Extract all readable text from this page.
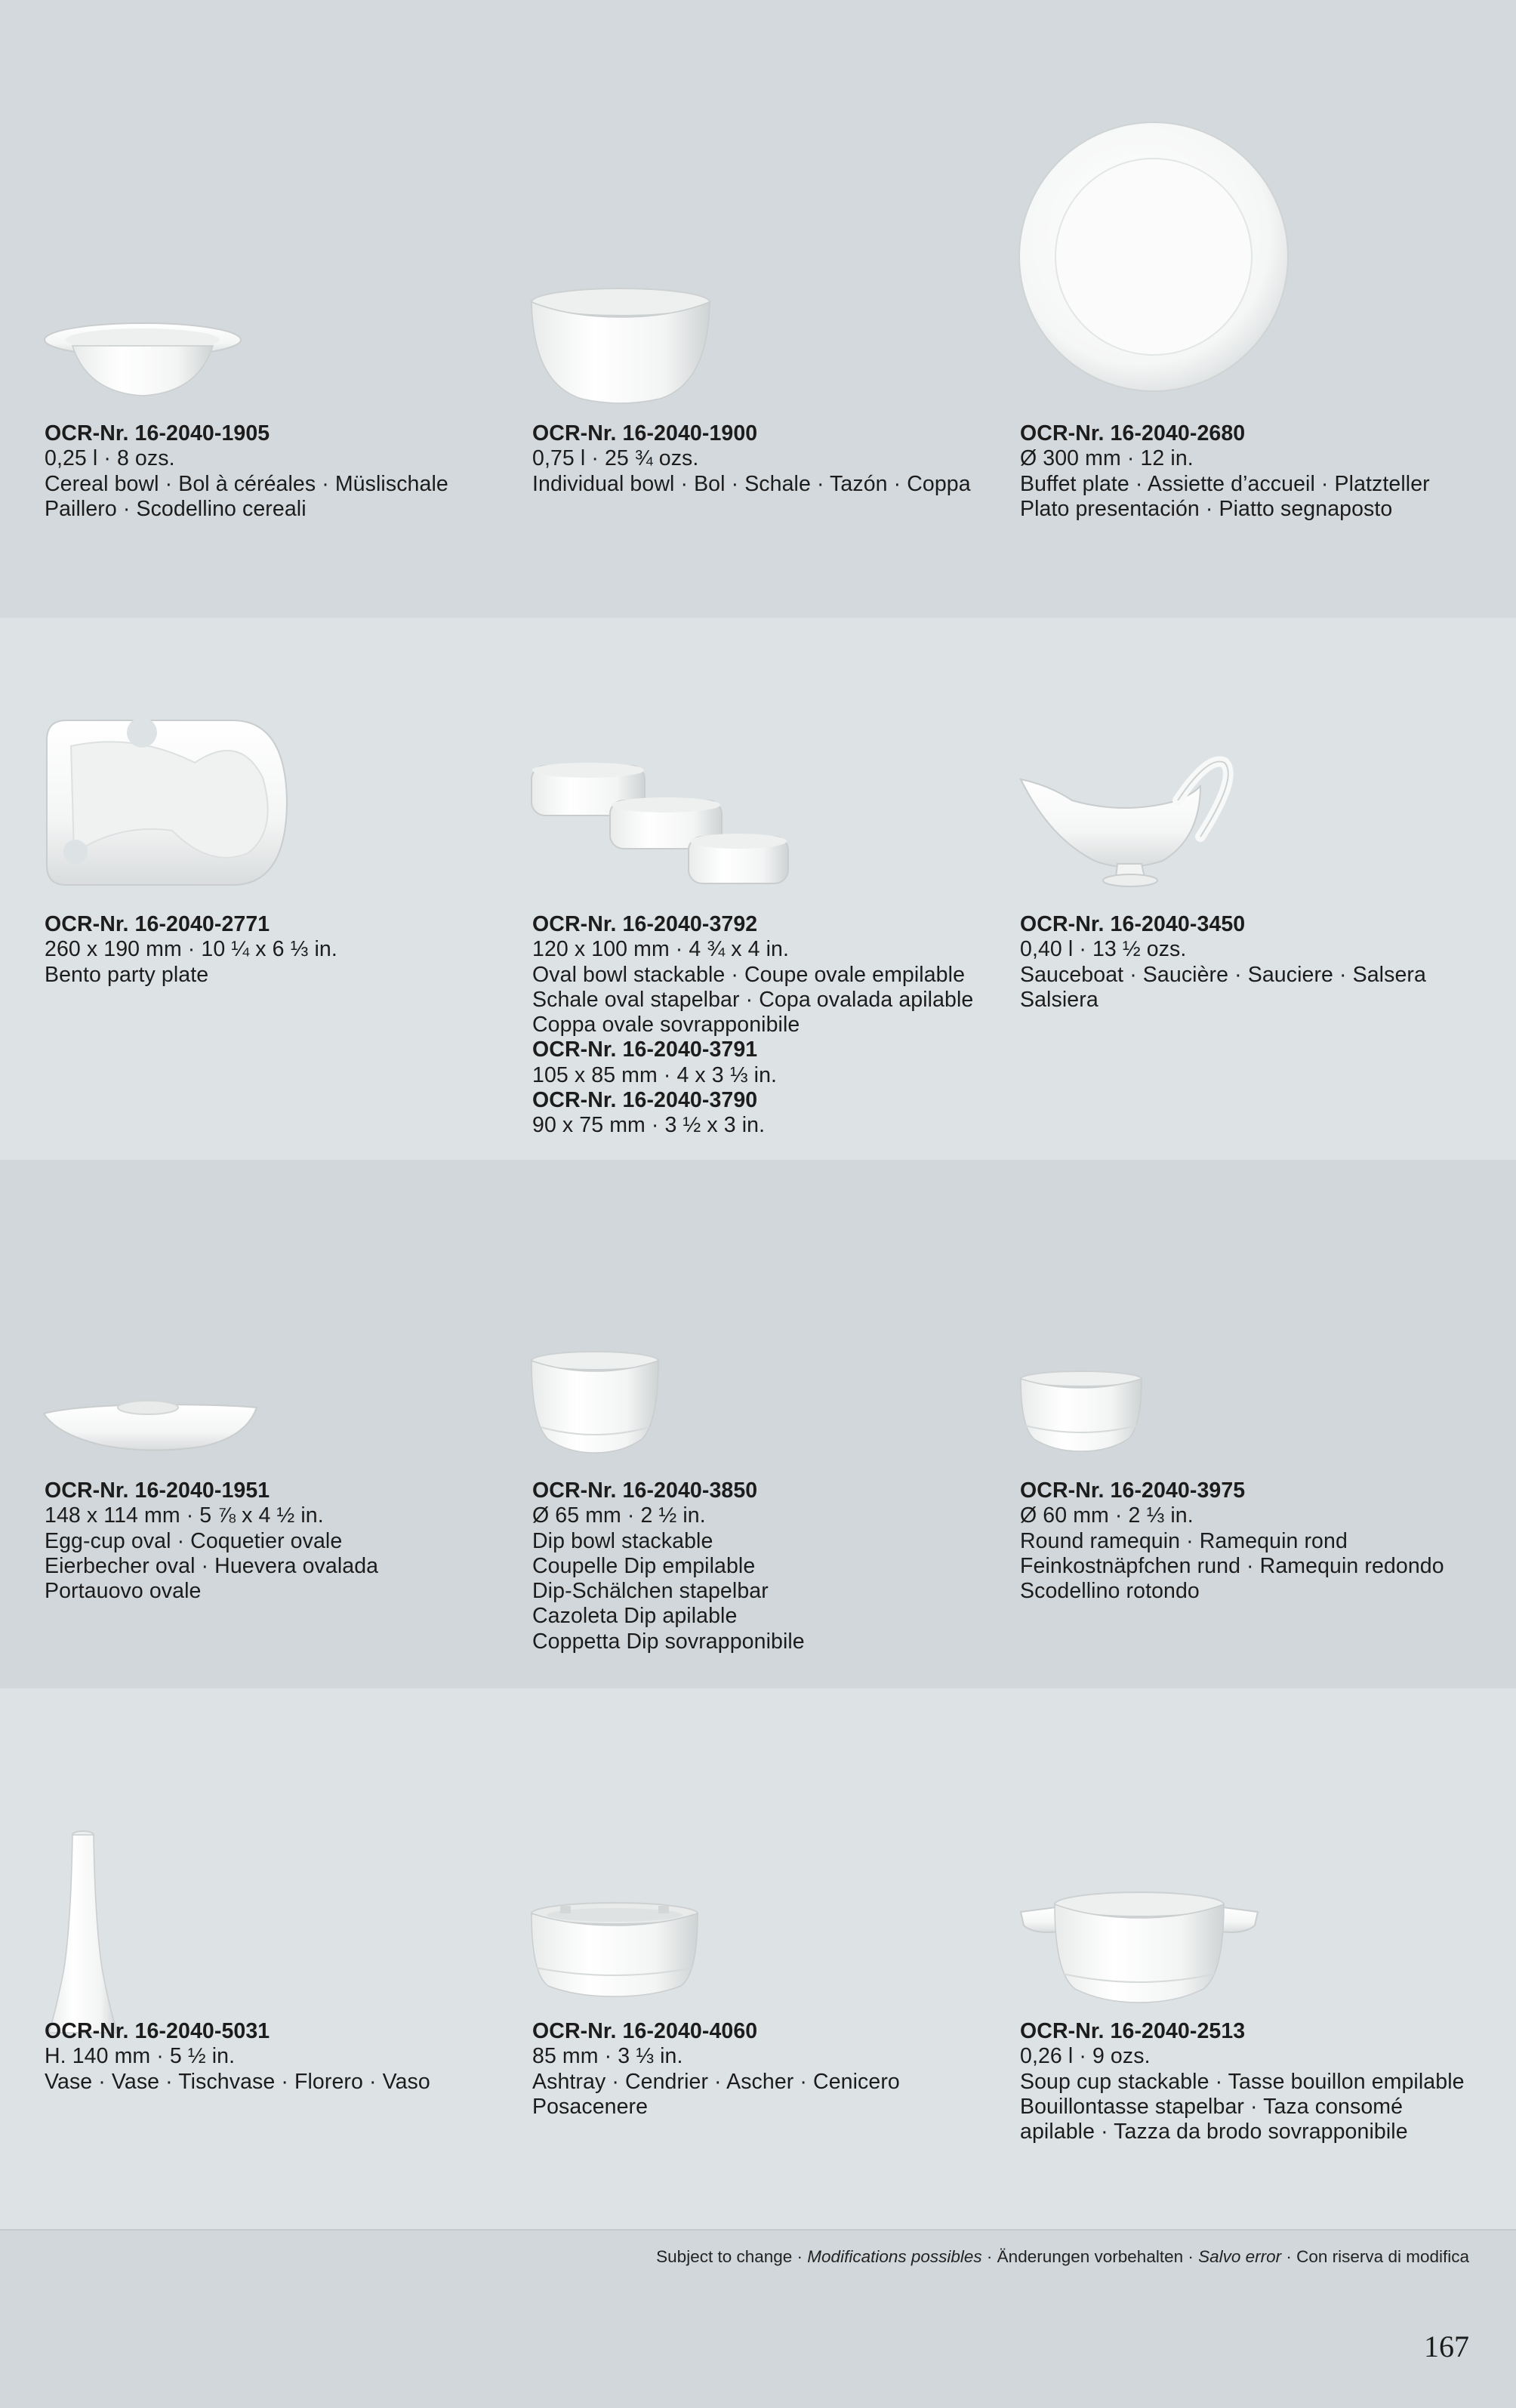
OCR-Nr. 16-2040-1905
0,25 l · 8 ozs.
Cereal bowl · Bol à céréales · Müslischale
Paillero · Scodellino cereali
OCR-Nr. 16-2040-1900
0,75 l · 25 ¾ ozs.
Individual bowl · Bol · Schale · Tazón · Coppa
OCR-Nr. 16-2040-2680
Ø 300 mm · 12 in.
Buffet plate · Assiette d’accueil · Platzteller
Plato presentación · Piatto segnaposto
OCR-Nr. 16-2040-2771
260 x 190 mm · 10 ¼ x 6 ⅓ in.
Bento party plate
OCR-Nr. 16-2040-3792
120 x 100 mm · 4 ¾ x 4 in.
Oval bowl stackable · Coupe ovale empilable
Schale oval stapelbar · Copa ovalada apilable
Coppa ovale sovrapponibile
OCR-Nr. 16-2040-3791
105 x 85 mm · 4 x 3 ⅓ in.
OCR-Nr. 16-2040-3790
90 x 75 mm · 3 ½ x 3 in.
OCR-Nr. 16-2040-3450
0,40 l · 13 ½ ozs.
Sauceboat · Saucière · Sauciere · Salsera
Salsiera
OCR-Nr. 16-2040-1951
148 x 114 mm · 5 ⅞ x 4 ½ in.
Egg-cup oval · Coquetier ovale
Eierbecher oval · Huevera ovalada
Portauovo ovale
OCR-Nr. 16-2040-3850
Ø 65 mm · 2 ½ in.
Dip bowl stackable
Coupelle Dip empilable
Dip-Schälchen stapelbar
Cazoleta Dip apilable
Coppetta Dip sovrapponibile
OCR-Nr. 16-2040-3975
Ø 60 mm · 2 ⅓ in.
Round ramequin · Ramequin rond
Feinkostnäpfchen rund · Ramequin redondo
Scodellino rotondo
OCR-Nr. 16-2040-5031
H. 140 mm · 5 ½ in.
Vase · Vase · Tischvase · Florero · Vaso
OCR-Nr. 16-2040-4060
85 mm · 3 ⅓ in.
Ashtray · Cendrier · Ascher · Cenicero
Posacenere
OCR-Nr. 16-2040-2513
0,26 l · 9 ozs.
Soup cup stackable · Tasse bouillon empilable
Bouillontasse stapelbar · Taza consomé
apilable · Tazza da brodo sovrapponibile
Subject to change · Modifications possibles · Änderungen vorbehalten · Salvo error · Con riserva di modifica
167
